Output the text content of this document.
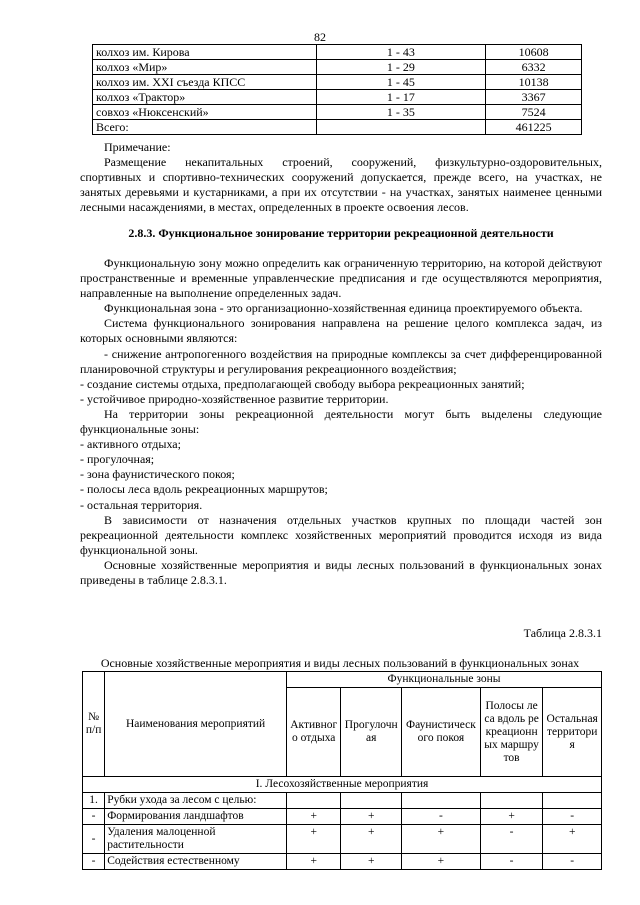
82
колхоз им. Кирова	1 - 43	10608
колхоз «Мир»	1 - 29	6332
колхоз им. XXI съезда КПСС	1 - 45	10138
колхоз «Трактор»	1 - 17	3367
совхоз «Нюксенский»	1 - 35	7524
Всего:		461225

Примечание:

Размещение некапитальных строений, сооружений, физкультурно-оздоровительных, спортивных и спортивно-технических сооружений допускается, прежде всего, на участках, не занятых деревьями и кустарниками, а при их отсутствии - на участках, занятых наименее ценными лесными насаждениями, в местах, определенных в проекте освоения лесов.

2.8.3. Функциональное зонирование территории рекреационной деятельности

Функциональную зону можно определить как ограниченную территорию, на которой действуют пространственные и временные управленческие предписания и где осуществляются мероприятия, направленные на выполнение определенных задач.

Функциональная зона - это организационно-хозяйственная единица проектируемого объекта.

Система функционального зонирования направлена на решение целого комплекса задач, из которых основными являются:

- снижение антропогенного воздействия на природные комплексы за счет дифференцированной планировочной структуры и регулирования рекреационного воздействия;

- создание системы отдыха, предполагающей свободу выбора рекреационных занятий;

- устойчивое природно-хозяйственное развитие территории.

На территории зоны рекреационной деятельности могут быть выделены следующие функциональные зоны:

- активного отдыха;

- прогулочная;

- зона фаунистического покоя;

- полосы леса вдоль рекреационных маршрутов;

- остальная территория.

В зависимости от назначения отдельных участков крупных по площади частей зон рекреационной деятельности комплекс хозяйственных мероприятий проводится исходя из вида функциональной зоны.

Основные хозяйственные мероприятия и виды лесных пользований в функциональных зонах приведены в таблице 2.8.3.1.

Таблица 2.8.3.1
Основные хозяйственные мероприятия и виды лесных пользований в функциональных зонах
№ п/п	Наименования мероприятий	Функциональные зоны				
		Активного отдыха	Прогулочная	Фаунистического покоя	Полосы леса вдоль рекреационных маршрутов	Остальная территория
I. Лесохозяйственные мероприятия						
1.	Рубки ухода за лесом с целью:					
-	Формирования ландшафтов	+	+	-	+	-
-	Удаления малоценной растительности	+	+	+	-	+
-	Содействия естественному	+	+	+	-	-
